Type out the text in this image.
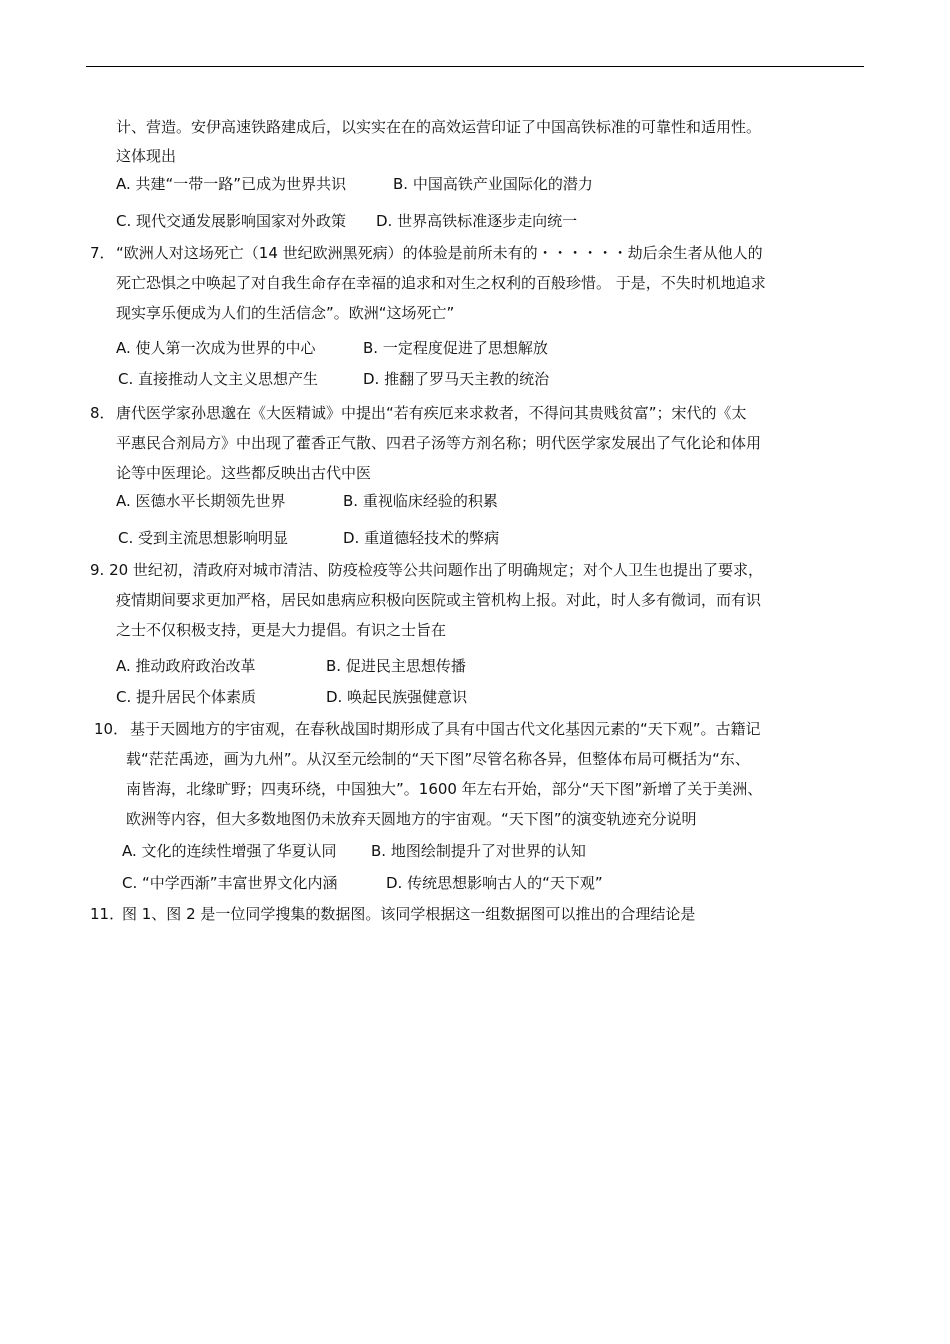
计、营造。安伊高速铁路建成后，以实实在在的高效运营印证了中国高铁标准的可靠性和适用性。
这体现出
A. 共建“一带一路”已成为世界共识	B. 中国高铁产业国际化的潜力
C. 现代交通发展影响国家对外政策 D. 世界高铁标准逐步走向统一
7． “欧洲人对这场死亡（14 世纪欧洲黑死病）的体验是前所未有的・・・・・・劫后余生者从他人的
死亡恐惧之中唤起了对自我生命存在幸福的追求和对生之权利的百般珍惜。 于是，不失时机地追求
现实享乐便成为人们的生活信念”。欧洲“这场死亡”
A. 使人第一次成为世界的中心	B. 一定程度促进了思想解放
C. 直接推动人文主义思想产生	D. 推翻了罗马天主教的统治
8． 唐代医学家孙思邈在《大医精诚》中提出“若有疾厄来求救者，不得问其贵贱贫富”；宋代的《太
平惠民合剂局方》中出现了藿香正气散、四君子汤等方剂名称；明代医学家发展出了气化论和体用
论等中医理论。这些都反映出古代中医
A. 医德水平长期领先世界	B. 重视临床经验的积累
C. 受到主流思想影响明显	D. 重道德轻技术的弊病
9. 20 世纪初，清政府对城市清洁、防疫检疫等公共问题作出了明确规定；对个人卫生也提出了要求，
疫情期间要求更加严格，居民如患病应积极向医院或主管机构上报。对此，时人多有微词，而有识
之士不仅积极支持，更是大力提倡。有识之士旨在
A. 推动政府政治改革	B. 促进民主思想传播
C. 提升居民个体素质	D. 唤起民族强健意识
10． 基于天圆地方的宇宙观，在春秋战国时期形成了具有中国古代文化基因元素的“天下观”。古籍记
载“茫茫禹迹，画为九州”。从汉至元绘制的“天下图”尽管名称各异，但整体布局可概括为“东、
南皆海，北缘旷野；四夷环绕，中国独大”。1600 年左右开始，部分“天下图”新增了关于美洲、
欧洲等内容，但大多数地图仍未放弃天圆地方的宇宙观。“天下图”的演变轨迹充分说明
A. 文化的连续性增强了华夏认同 B. 地图绘制提升了对世界的认知
C. “中学西渐”丰富世界文化内涵	D. 传统思想影响古人的“天下观”
11．
图 1、图 2 是一位同学搜集的数据图。该同学根据这一组数据图可以推出的合理结论是
